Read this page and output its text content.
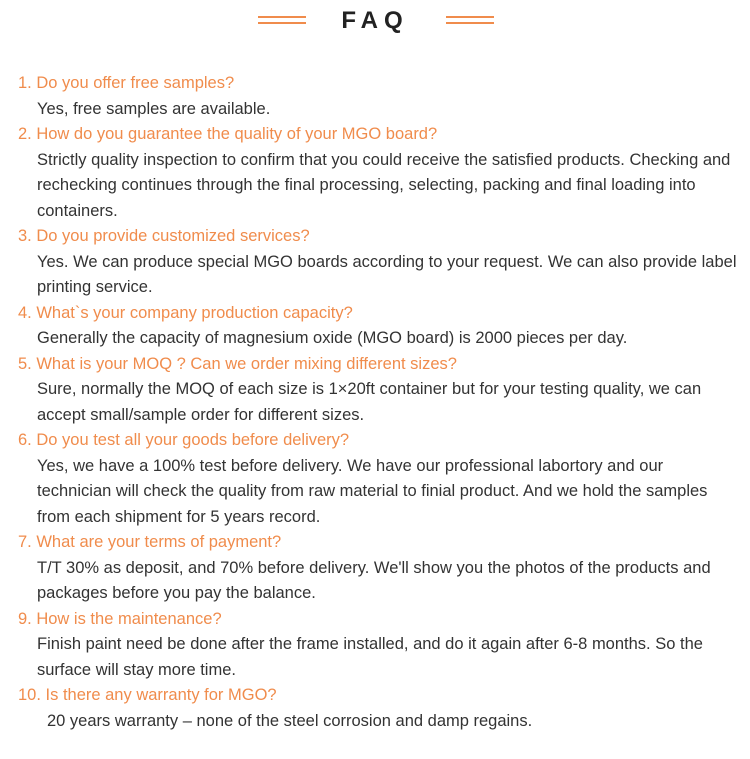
FAQ
1. Do you offer free samples?
Yes, free samples are available.
2. How do you guarantee the quality of your MGO board?
Strictly quality inspection to confirm that you could receive the satisfied products. Checking and rechecking continues through the final processing, selecting, packing and final loading into containers.
3. Do you provide customized services?
Yes. We can produce special MGO boards according to your request. We can also provide label printing service.
4. What`s your company production capacity?
Generally the capacity of magnesium oxide (MGO board) is 2000 pieces per day.
5. What is your MOQ ? Can we order mixing different sizes?
Sure, normally the MOQ of each size is 1×20ft container but for your testing quality, we can accept small/sample order for different sizes.
6. Do you test all your goods before delivery?
Yes, we have a 100% test before delivery. We have our professional labortory and our technician will check the quality from raw material to finial product. And we hold the samples from each shipment for 5 years record.
7. What are your terms of payment?
T/T 30% as deposit, and 70% before delivery. We'll show you the photos of the products and packages before you pay the balance.
9. How is the maintenance?
Finish paint need be done after the frame installed, and do it again after 6-8 months. So the surface will stay more time.
10. Is there any warranty for MGO?
20 years warranty – none of the steel corrosion and damp regains.
